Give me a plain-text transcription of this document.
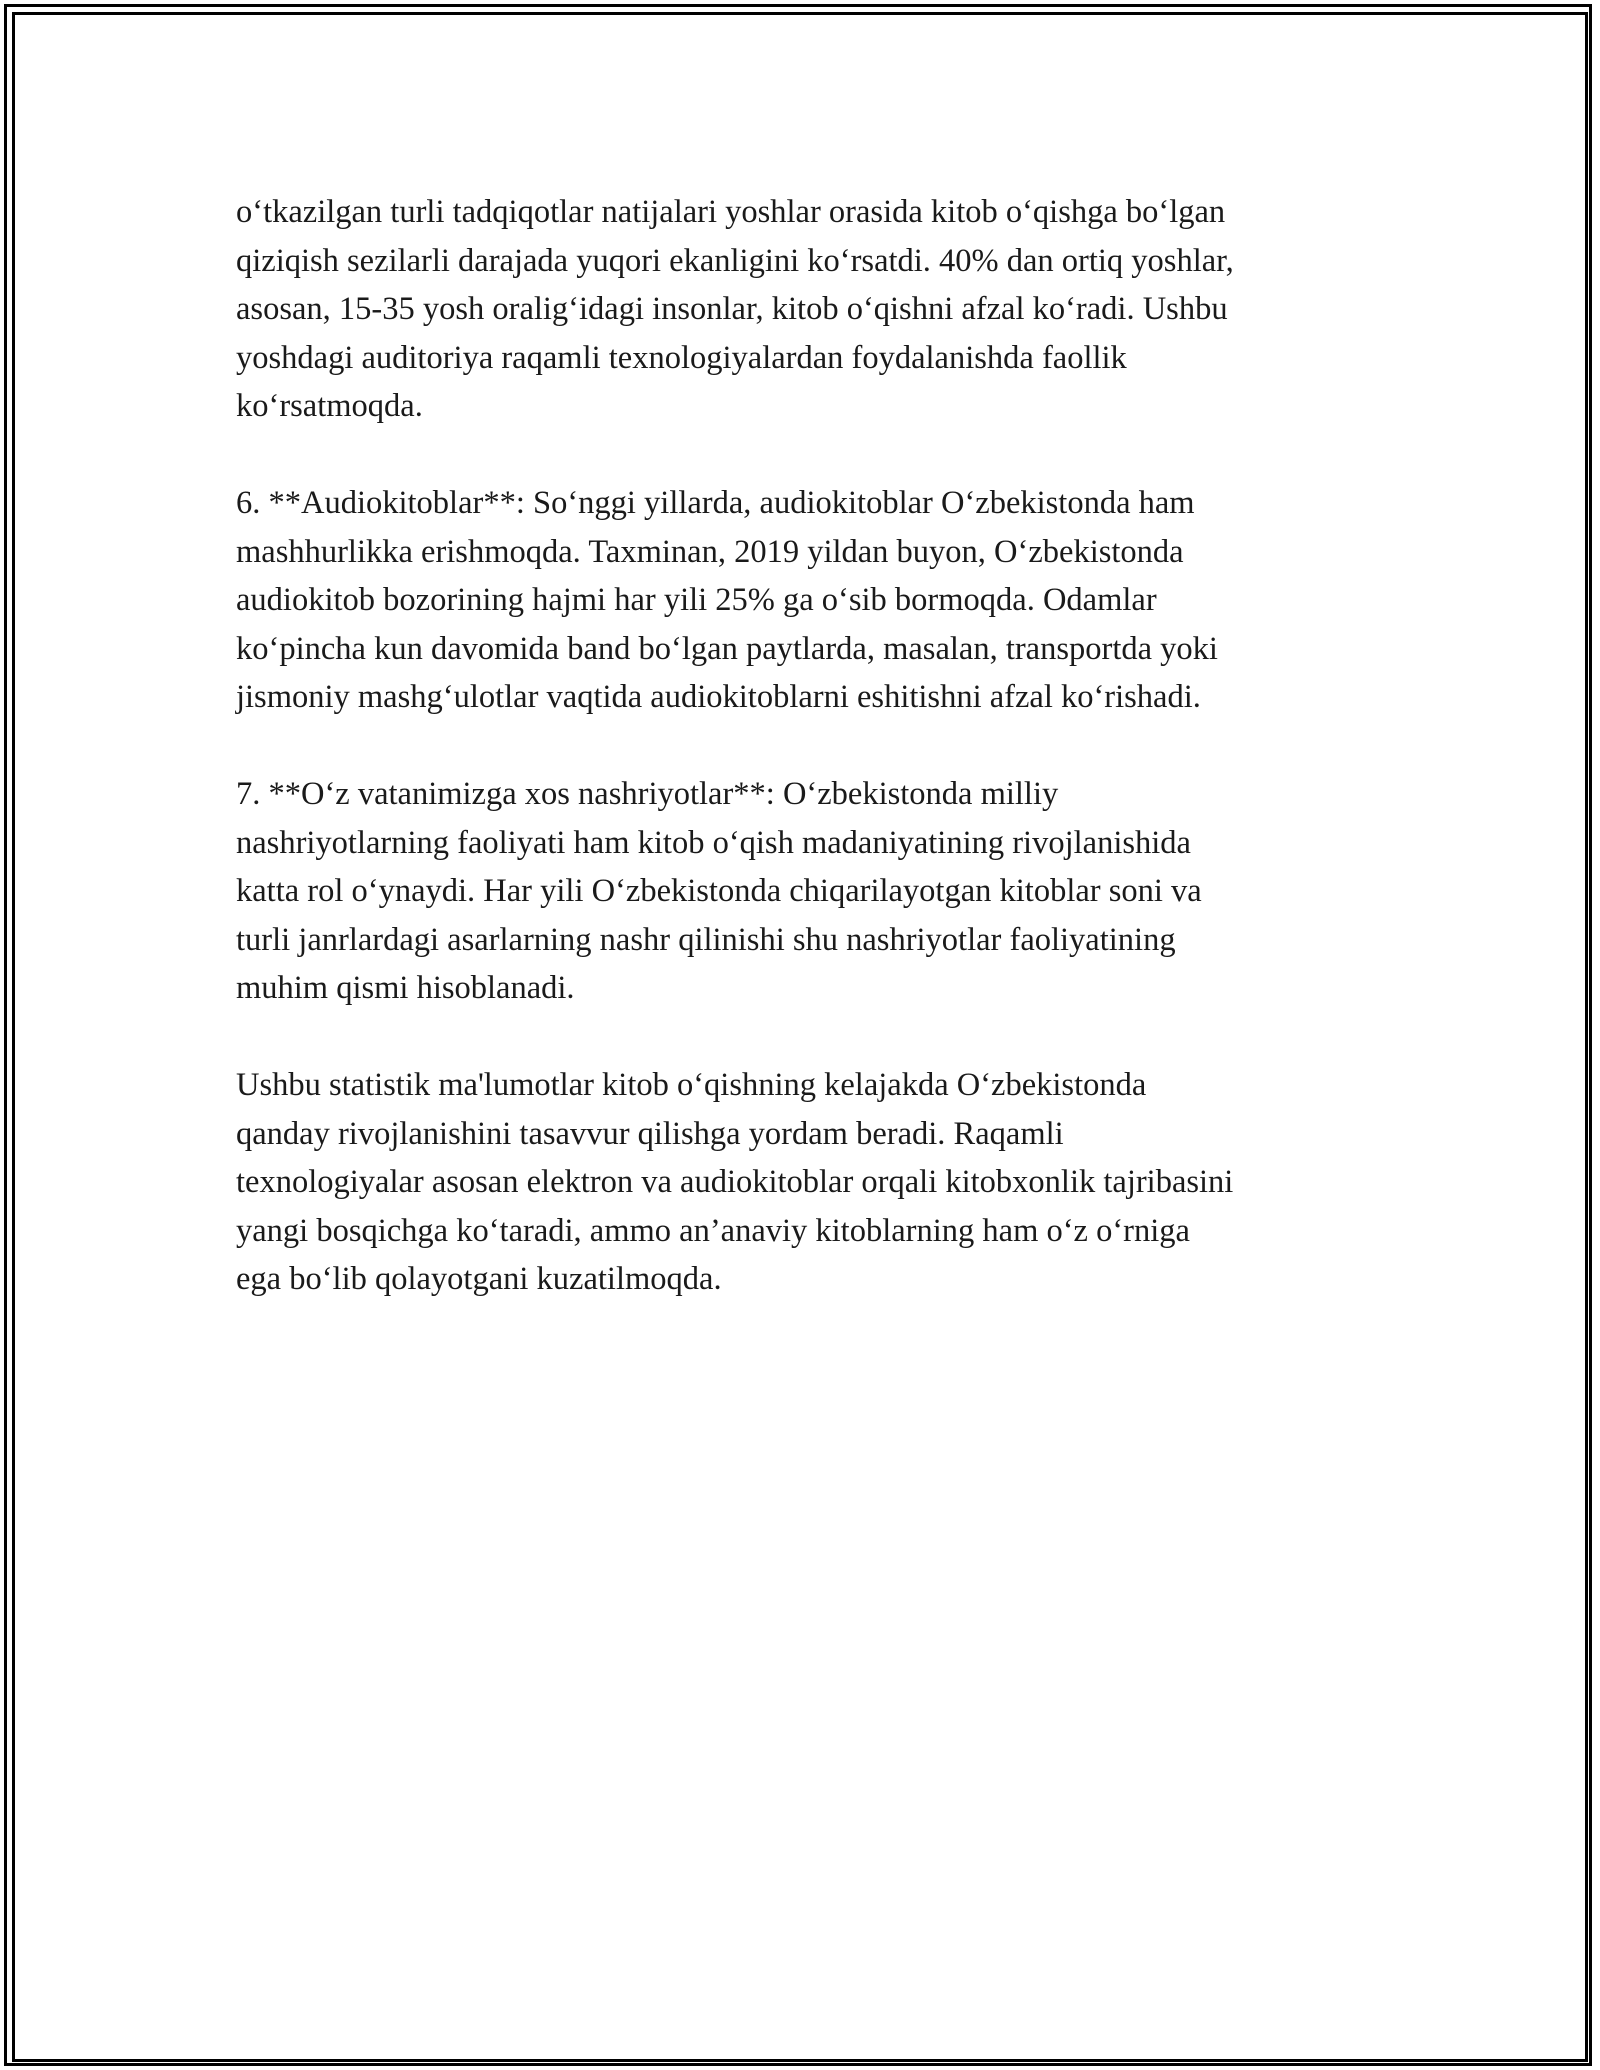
oʻtkazilgan turli tadqiqotlar natijalari yoshlar orasida kitob oʻqishga boʻlgan
qiziqish sezilarli darajada yuqori ekanligini koʻrsatdi. 40% dan ortiq yoshlar,
asosan, 15-35 yosh oraligʻidagi insonlar, kitob oʻqishni afzal koʻradi. Ushbu
yoshdagi auditoriya raqamli texnologiyalardan foydalanishda faollik
koʻrsatmoqda.

6. **Audiokitoblar**: Soʻnggi yillarda, audiokitoblar Oʻzbekistonda ham
mashhurlikka erishmoqda. Taxminan, 2019 yildan buyon, Oʻzbekistonda
audiokitob bozorining hajmi har yili 25% ga oʻsib bormoqda. Odamlar
koʻpincha kun davomida band boʻlgan paytlarda, masalan, transportda yoki
jismoniy mashgʻulotlar vaqtida audiokitoblarni eshitishni afzal koʻrishadi.

7. **Oʻz vatanimizga xos nashriyotlar**: Oʻzbekistonda milliy
nashriyotlarning faoliyati ham kitob oʻqish madaniyatining rivojlanishida
katta rol oʻynaydi. Har yili Oʻzbekistonda chiqarilayotgan kitoblar soni va
turli janrlardagi asarlarning nashr qilinishi shu nashriyotlar faoliyatining
muhim qismi hisoblanadi.

Ushbu statistik ma'lumotlar kitob oʻqishning kelajakda Oʻzbekistonda
qanday rivojlanishini tasavvur qilishga yordam beradi. Raqamli
texnologiyalar asosan elektron va audiokitoblar orqali kitobxonlik tajribasini
yangi bosqichga koʻtaradi, ammo an’anaviy kitoblarning ham oʻz oʻrniga
ega boʻlib qolayotgani kuzatilmoqda.
